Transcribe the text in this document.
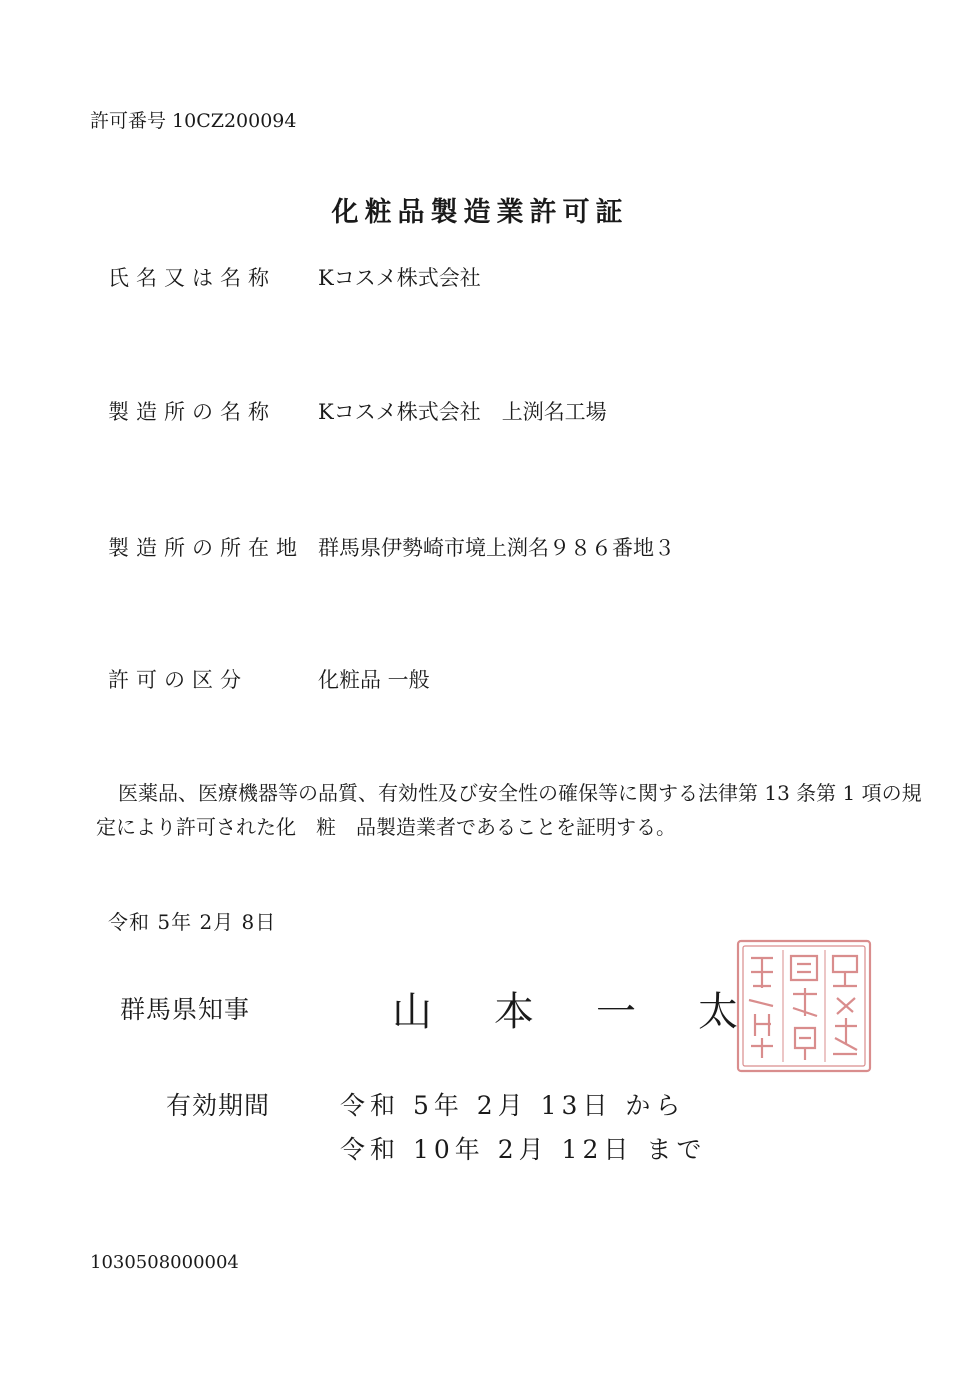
許可番号 10CZ200094
化粧品製造業許可証
氏名又は名称 Kコスメ株式会社
製造所の名称 Kコスメ株式会社　上渕名工場
製造所の所在地 群馬県伊勢崎市境上渕名９８６番地３
許可の区分	化粧品 一般
医薬品、医療機器等の品質、有効性及び安全性の確保等に関する法律第 13 条第 1 項の規定により許可された化　粧　品製造業者であることを証明する。
令和 5年 2月 8日
群馬県知事	山本一太
有効期間	令和 5年 2月 13日 から
令和 10年 2月 12日 まで
1030508000004
